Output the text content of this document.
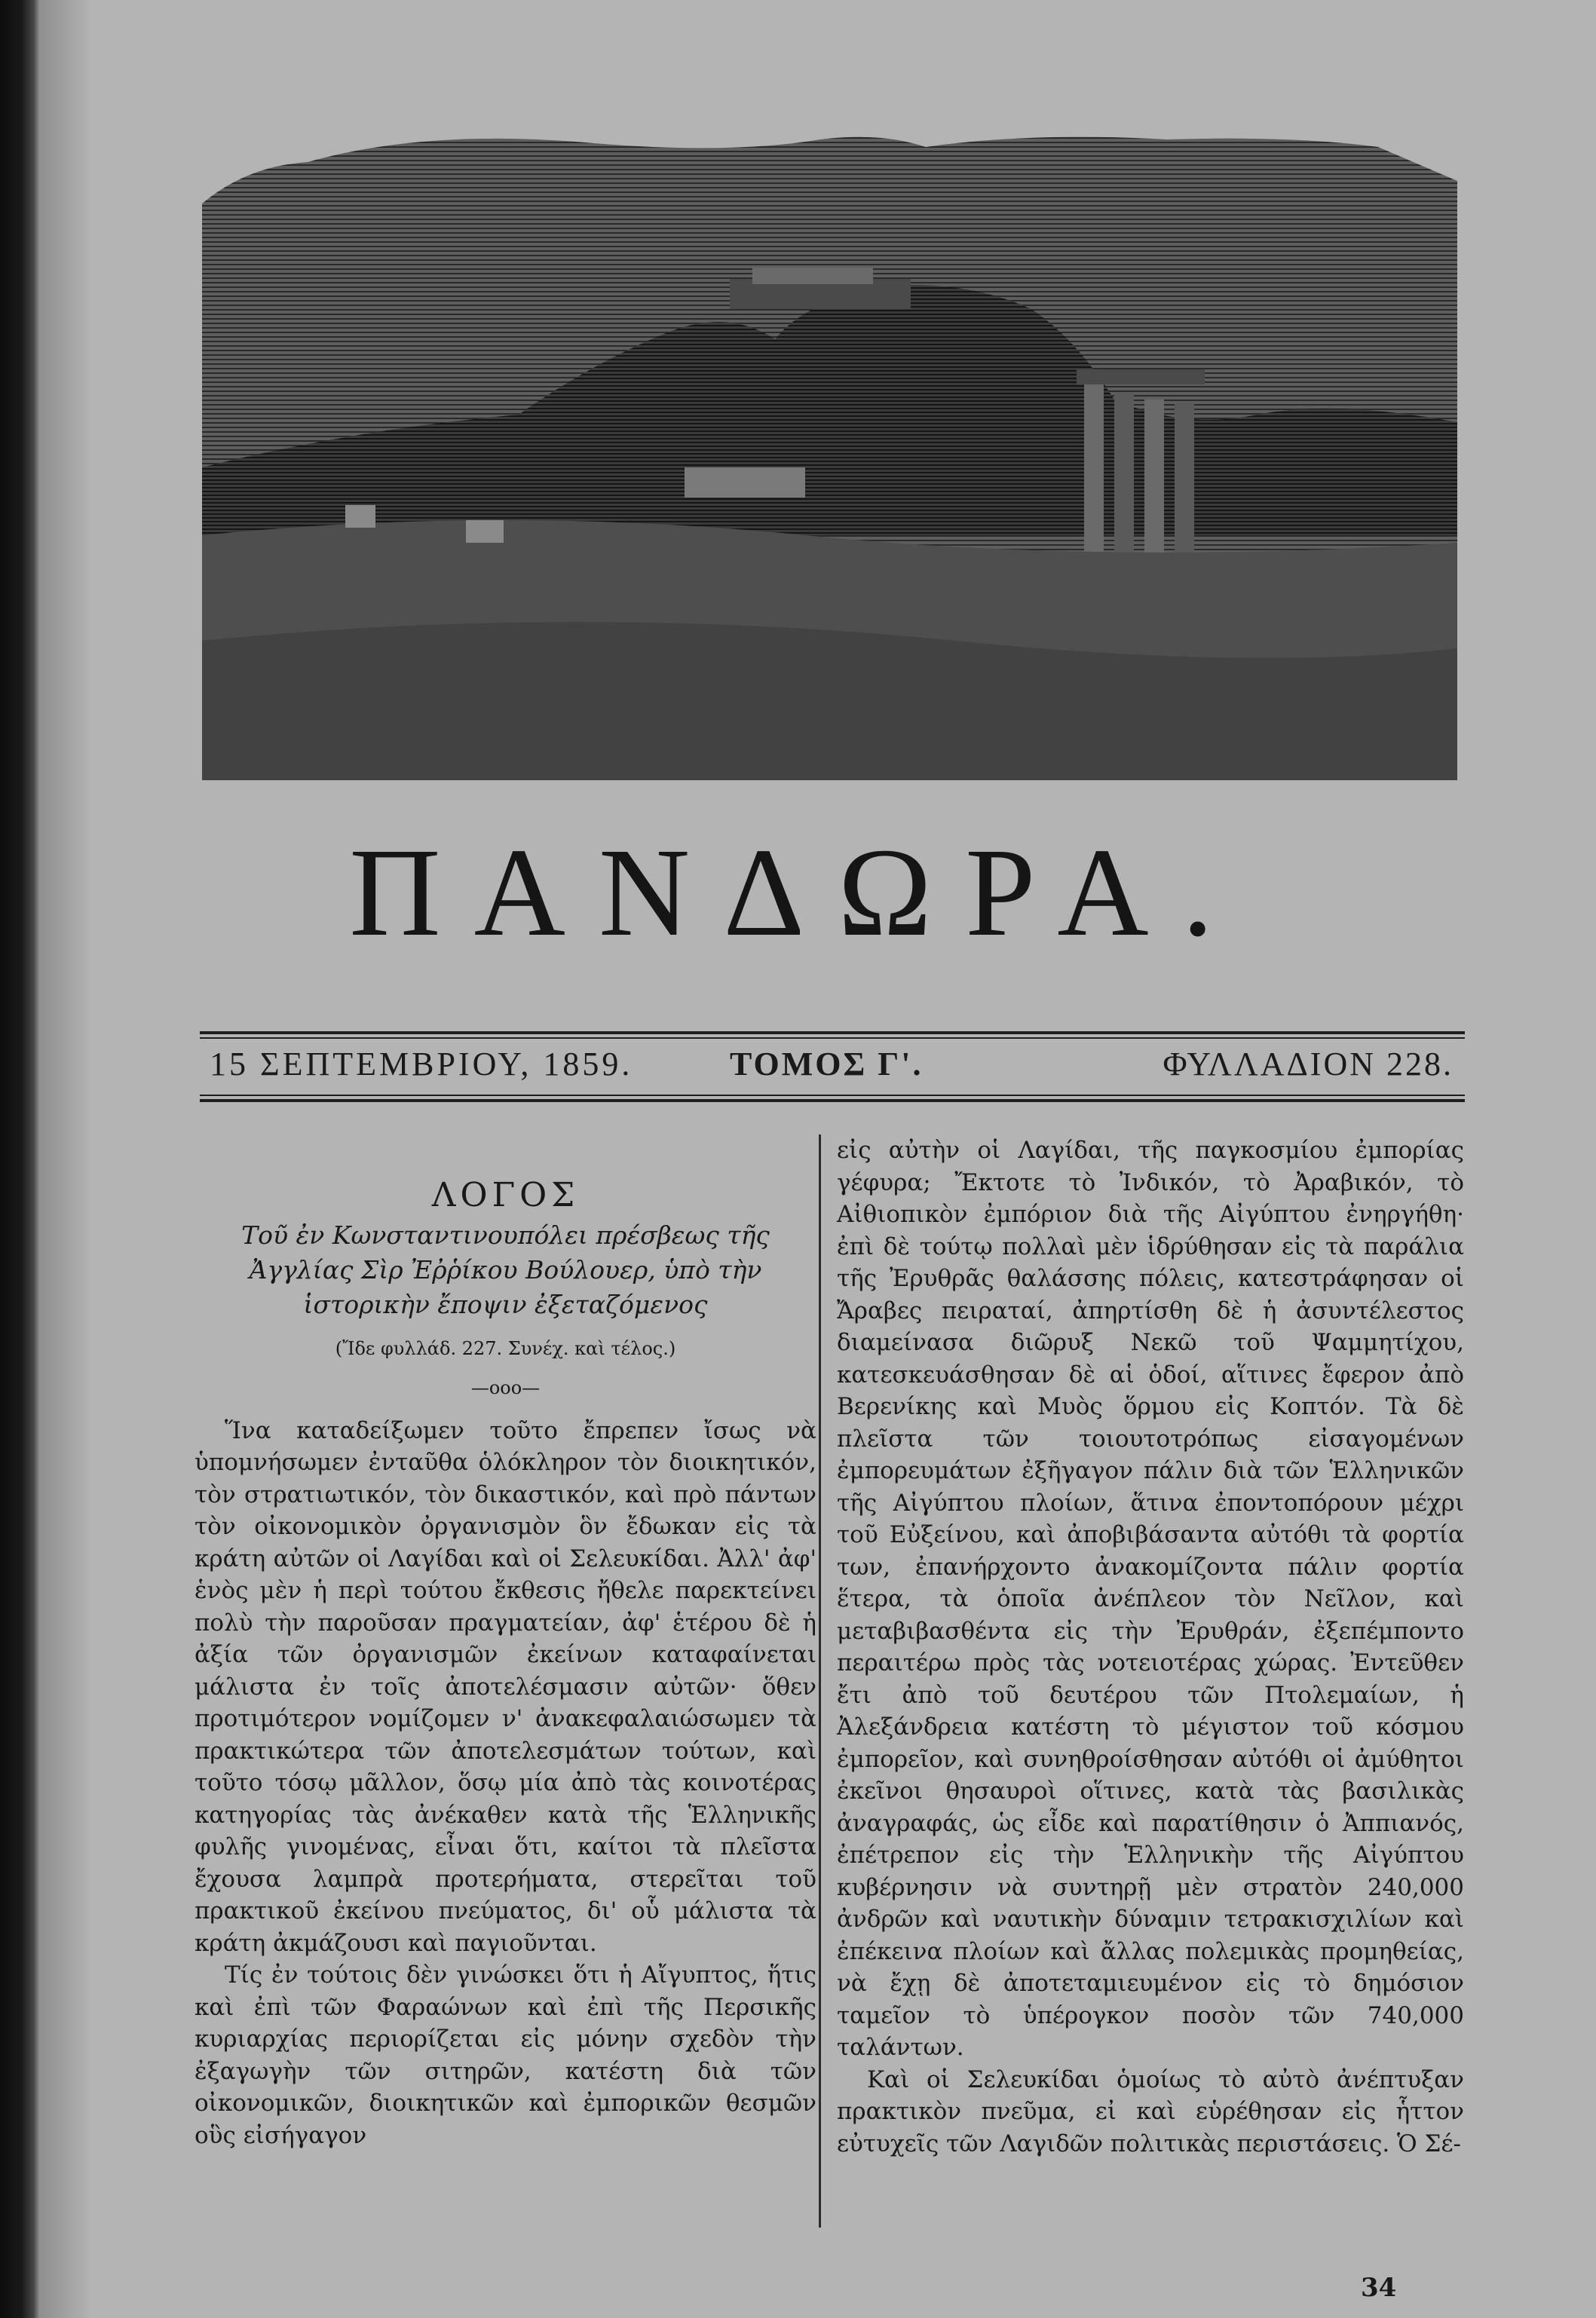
ΠΑΝΔΩΡΑ.
15 ΣΕΠΤΕΜΒΡΙΟΥ, 1859.	ΤΟΜΟΣ Γ'.	ΦΥΛΛΑΔΙΟΝ 228.
ΛΟΓΟΣ
Τοῦ ἐν Κωνσταντινουπόλει πρέσβεως τῆς Ἀγγλίας Σὶρ Ἐῤῥίκου Βούλουερ, ὑπὸ τὴν ἱστορικὴν ἔποψιν ἐξεταζόμενος
(Ἴδε φυλλάδ. 227. Συνέχ. καὶ τέλος.)
—ooo—

Ἵνα καταδείξωμεν τοῦτο ἔπρεπεν ἴσως νὰ ὑπομνήσωμεν ἐνταῦθα ὁλόκληρον τὸν διοικητικόν, τὸν στρατιωτικόν, τὸν δικαστικόν, καὶ πρὸ πάντων τὸν οἰκονομικὸν ὀργανισμὸν ὃν ἔδωκαν εἰς τὰ κράτη αὐτῶν οἱ Λαγίδαι καὶ οἱ Σελευκίδαι. Ἀλλ' ἀφ' ἑνὸς μὲν ἡ περὶ τούτου ἔκθεσις ἤθελε παρεκτείνει πολὺ τὴν παροῦσαν πραγματείαν, ἀφ' ἑτέρου δὲ ἡ ἀξία τῶν ὀργανισμῶν ἐκείνων καταφαίνεται μάλιστα ἐν τοῖς ἀποτελέσμασιν αὐτῶν· ὅθεν προτιμότερον νομίζομεν ν' ἀνακεφαλαιώσωμεν τὰ πρακτικώτερα τῶν ἀποτελεσμάτων τούτων, καὶ τοῦτο τόσῳ μᾶλλον, ὅσῳ μία ἀπὸ τὰς κοινοτέρας κατηγορίας τὰς ἀνέκαθεν κατὰ τῆς Ἑλληνικῆς φυλῆς γινομένας, εἶναι ὅτι, καίτοι τὰ πλεῖστα ἔχουσα λαμπρὰ προτερήματα, στερεῖται τοῦ πρακτικοῦ ἐκείνου πνεύματος, δι' οὗ μάλιστα τὰ κράτη ἀκμάζουσι καὶ παγιοῦνται.

Τίς ἐν τούτοις δὲν γινώσκει ὅτι ἡ Αἴγυπτος, ἥτις καὶ ἐπὶ τῶν Φαραώνων καὶ ἐπὶ τῆς Περσικῆς κυριαρχίας περιορίζεται εἰς μόνην σχεδὸν τὴν ἐξαγωγὴν τῶν σιτηρῶν, κατέστη διὰ τῶν οἰκονομικῶν, διοικητικῶν καὶ ἐμπορικῶν θεσμῶν οὓς εἰσήγαγον

εἰς αὐτὴν οἱ Λαγίδαι, τῆς παγκοσμίου ἐμπορίας γέφυρα; Ἔκτοτε τὸ Ἰνδικόν, τὸ Ἀραβικόν, τὸ Αἰθιοπικὸν ἐμπόριον διὰ τῆς Αἰγύπτου ἐνηργήθη· ἐπὶ δὲ τούτῳ πολλαὶ μὲν ἱδρύθησαν εἰς τὰ παράλια τῆς Ἐρυθρᾶς θαλάσσης πόλεις, κατεστράφησαν οἱ Ἄραβες πειραταί, ἀπηρτίσθη δὲ ἡ ἀσυντέλεστος διαμείνασα διῶρυξ Νεκῶ τοῦ Ψαμμητίχου, κατεσκευάσθησαν δὲ αἱ ὁδοί, αἵτινες ἔφερον ἀπὸ Βερενίκης καὶ Μυὸς ὅρμου εἰς Κοπτόν. Τὰ δὲ πλεῖστα τῶν τοιουτοτρόπως εἰσαγομένων ἐμπορευμάτων ἐξῆγαγον πάλιν διὰ τῶν Ἑλληνικῶν τῆς Αἰγύπτου πλοίων, ἅτινα ἐποντοπόρουν μέχρι τοῦ Εὐξείνου, καὶ ἀποβιβάσαντα αὐτόθι τὰ φορτία των, ἐπανήρχοντο ἀνακομίζοντα πάλιν φορτία ἕτερα, τὰ ὁποῖα ἀνέπλεον τὸν Νεῖλον, καὶ μεταβιβασθέντα εἰς τὴν Ἐρυθράν, ἐξεπέμποντο περαιτέρω πρὸς τὰς νοτειοτέρας χώρας. Ἐντεῦθεν ἔτι ἀπὸ τοῦ δευτέρου τῶν Πτολεμαίων, ἡ Ἀλεξάνδρεια κατέστη τὸ μέγιστον τοῦ κόσμου ἐμπορεῖον, καὶ συνηθροίσθησαν αὐτόθι οἱ ἀμύθητοι ἐκεῖνοι θησαυροὶ οἵτινες, κατὰ τὰς βασιλικὰς ἀναγραφάς, ὡς εἶδε καὶ παρατίθησιν ὁ Ἀππιανός, ἐπέτρεπον εἰς τὴν Ἑλληνικὴν τῆς Αἰγύπτου κυβέρνησιν νὰ συντηρῇ μὲν στρατὸν 240,000 ἀνδρῶν καὶ ναυτικὴν δύναμιν τετρακισχιλίων καὶ ἐπέκεινα πλοίων καὶ ἄλλας πολεμικὰς προμηθείας, νὰ ἔχῃ δὲ ἀποτεταμιευμένον εἰς τὸ δημόσιον ταμεῖον τὸ ὑπέρογκον ποσὸν τῶν 740,000 ταλάντων.

Καὶ οἱ Σελευκίδαι ὁμοίως τὸ αὐτὸ ἀνέπτυξαν πρακτικὸν πνεῦμα, εἰ καὶ εὑρέθησαν εἰς ἧττον εὐτυχεῖς τῶν Λαγιδῶν πολιτικὰς περιστάσεις. Ὁ Σέ-

34
